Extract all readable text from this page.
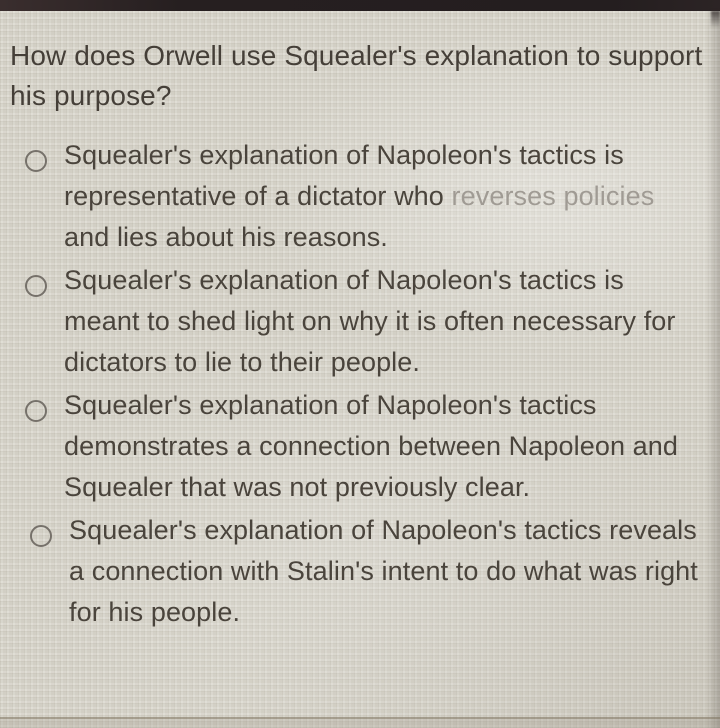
How does Orwell use Squealer's explanation to support
his purpose?
Squealer's explanation of Napoleon's tactics is
representative of a dictator who reverses policies
and lies about his reasons.
Squealer's explanation of Napoleon's tactics is
meant to shed light on why it is often necessary for
dictators to lie to their people.
Squealer's explanation of Napoleon's tactics
demonstrates a connection between Napoleon and
Squealer that was not previously clear.
Squealer's explanation of Napoleon's tactics reveals
a connection with Stalin's intent to do what was right
for his people.
